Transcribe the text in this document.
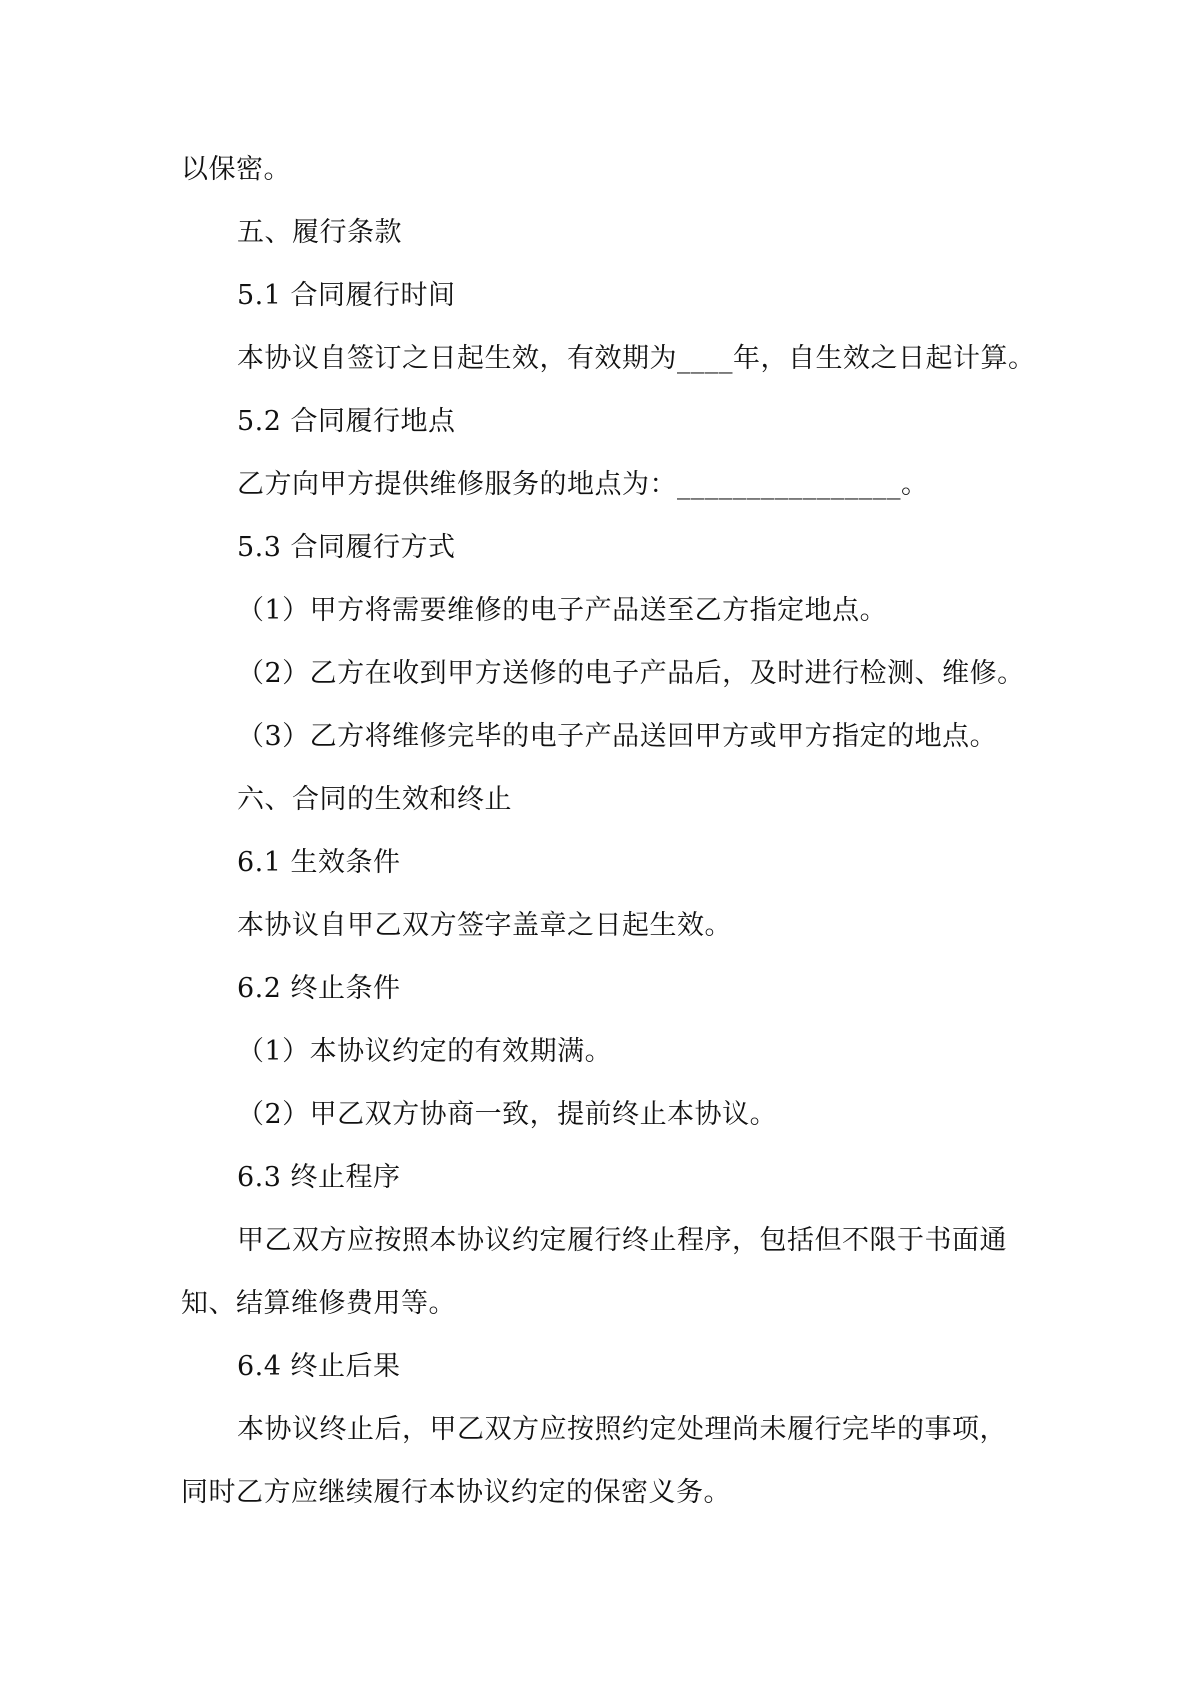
以保密。
五、履行条款
5.1 合同履行时间
本协议自签订之日起生效，有效期为____年，自生效之日起计算。
5.2 合同履行地点
乙方向甲方提供维修服务的地点为：________________。
5.3 合同履行方式
（1）甲方将需要维修的电子产品送至乙方指定地点。
（2）乙方在收到甲方送修的电子产品后，及时进行检测、维修。
（3）乙方将维修完毕的电子产品送回甲方或甲方指定的地点。
六、合同的生效和终止
6.1 生效条件
本协议自甲乙双方签字盖章之日起生效。
6.2 终止条件
（1）本协议约定的有效期满。
（2）甲乙双方协商一致，提前终止本协议。
6.3 终止程序
甲乙双方应按照本协议约定履行终止程序，包括但不限于书面通
知、结算维修费用等。
6.4 终止后果
本协议终止后，甲乙双方应按照约定处理尚未履行完毕的事项，
同时乙方应继续履行本协议约定的保密义务。
